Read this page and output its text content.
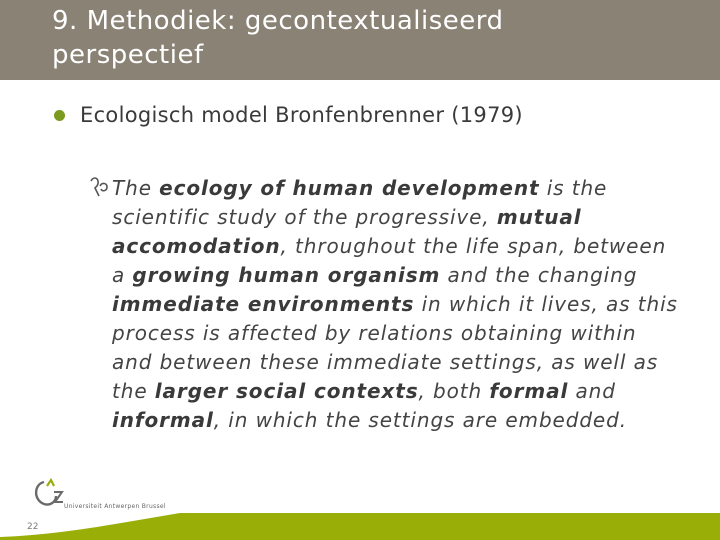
9. Methodiek: gecontextualiseerd perspectief
Ecologisch model Bronfenbrenner (1979)
The ecology of human development is the scientific study of the progressive, mutual accomodation, throughout the life span, between a growing human organism and the changing immediate environments in which it lives, as this process is affected by relations obtaining within and between these immediate settings, as well as the larger social contexts, both formal and informal, in which the settings are embedded.
Universiteit Antwerpen Brussel
22
